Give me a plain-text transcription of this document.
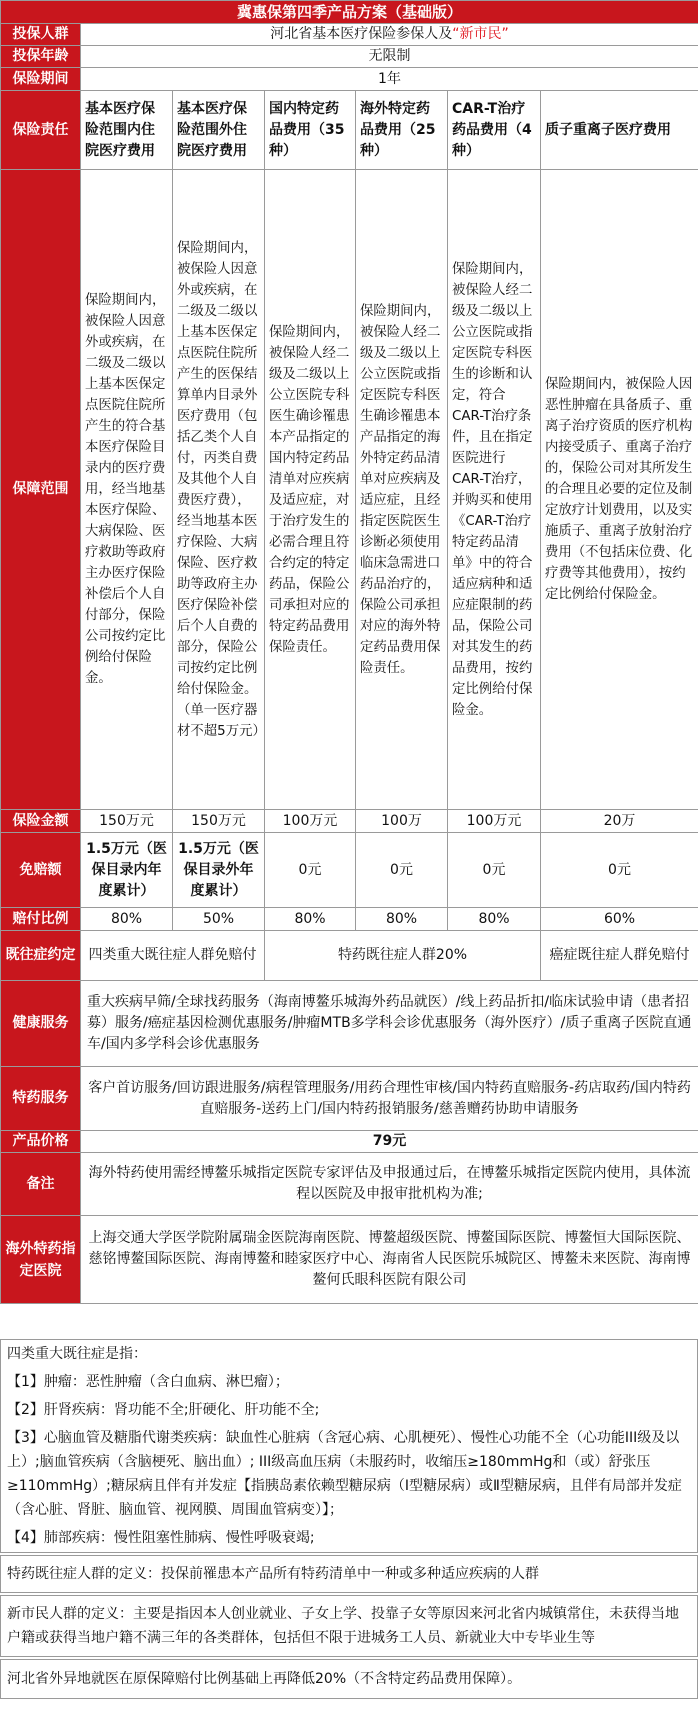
冀惠保第四季产品方案（基础版）						
投保人群	河北省基本医疗保险参保人及“新市民”					
投保年龄	无限制					
保险期间	1年					
保险责任	基本医疗保险范围内住院医疗费用	基本医疗保险范围外住院医疗费用	国内特定药品费用（35种）	海外特定药品费用（25种）	CAR-T治疗药品费用（4种）	质子重离子医疗费用
保障范围	保险期间内，被保险人因意外或疾病，在二级及二级以上基本医保定点医院住院所产生的符合基本医疗保险目录内的医疗费用，经当地基本医疗保险、大病保险、医疗救助等政府主办医疗保险补偿后个人自付部分，保险公司按约定比例给付保险金。	保险期间内，被保险人因意外或疾病，在二级及二级以上基本医保定点医院住院所产生的医保结算单内目录外医疗费用（包括乙类个人自付，丙类自费及其他个人自费医疗费），经当地基本医疗保险、大病保险、医疗救助等政府主办医疗保险补偿后个人自费的部分，保险公司按约定比例给付保险金。（单一医疗器材不超5万元）	保险期间内，被保险人经二级及二级以上公立医院专科医生确诊罹患本产品指定的国内特定药品清单对应疾病及适应症，对于治疗发生的必需合理且符合约定的特定药品，保险公司承担对应的特定药品费用保险责任。	保险期间内，被保险人经二级及二级以上公立医院或指定医院专科医生确诊罹患本产品指定的海外特定药品清单对应疾病及适应症，且经指定医院医生诊断必须使用临床急需进口药品治疗的，保险公司承担对应的海外特定药品费用保险责任。	保险期间内，被保险人经二级及二级以上公立医院或指定医院专科医生的诊断和认定，符合CAR-T治疗条件，且在指定医院进行CAR-T治疗，并购买和使用《CAR-T治疗特定药品清单》中的符合适应病种和适应症限制的药品，保险公司对其发生的药品费用，按约定比例给付保险金。	保险期间内，被保险人因恶性肿瘤在具备质子、重离子治疗资质的医疗机构内接受质子、重离子治疗的，保险公司对其所发生的合理且必要的定位及制定放疗计划费用，以及实施质子、重离子放射治疗费用（不包括床位费、化疗费等其他费用），按约定比例给付保险金。
保险金额	150万元	150万元	100万元	100万	100万元	20万
免赔额	1.5万元（医保目录内年度累计）	1.5万元（医保目录外年度累计）	0元	0元	0元	0元
赔付比例	80%	50%	80%	80%	80%	60%
既往症约定	四类重大既往症人群免赔付		特药既往症人群20%			癌症既往症人群免赔付
健康服务	重大疾病早筛/全球找药服务（海南博鳌乐城海外药品就医）/线上药品折扣/临床试验申请（患者招募）服务/癌症基因检测优惠服务/肿瘤MTB多学科会诊优惠服务（海外医疗）/质子重离子医院直通车/国内多学科会诊优惠服务					
特药服务	客户首访服务/回访跟进服务/病程管理服务/用药合理性审核/国内特药直赔服务-药店取药/国内特药直赔服务-送药上门/国内特药报销服务/慈善赠药协助申请服务					
产品价格	79元					
备注	海外特药使用需经博鳌乐城指定医院专家评估及申报通过后，在博鳌乐城指定医院内使用，具体流程以医院及申报审批机构为准;					
海外特药指定医院	上海交通大学医学院附属瑞金医院海南医院、博鳌超级医院、博鳌国际医院、博鳌恒大国际医院、慈铭博鳌国际医院、海南博鳌和睦家医疗中心、海南省人民医院乐城院区、博鳌未来医院、海南博鳌何氏眼科医院有限公司					

四类重大既往症是指：

【1】肿瘤：恶性肿瘤（含白血病、淋巴瘤）；

【2】肝肾疾病：肾功能不全;肝硬化、肝功能不全;

【3】心脑血管及糖脂代谢类疾病：缺血性心脏病（含冠心病、心肌梗死）、慢性心功能不全（心功能III级及以上）;脑血管疾病（含脑梗死、脑出血）; III级高血压病（未服药时，收缩压≥180mmHg和（或）舒张压≥110mmHg）;糖尿病且伴有并发症【指胰岛素依赖型糖尿病（Ⅰ型糖尿病）或Ⅱ型糖尿病，且伴有局部并发症（含心脏、肾脏、脑血管、视网膜、周围血管病变）】；

【4】肺部疾病：慢性阻塞性肺病、慢性呼吸衰竭;

特药既往症人群的定义：投保前罹患本产品所有特药清单中一种或多种适应疾病的人群

新市民人群的定义：主要是指因本人创业就业、子女上学、投靠子女等原因来河北省内城镇常住，未获得当地户籍或获得当地户籍不满三年的各类群体，包括但不限于进城务工人员、新就业大中专毕业生等

河北省外异地就医在原保障赔付比例基础上再降低20%（不含特定药品费用保障）。
